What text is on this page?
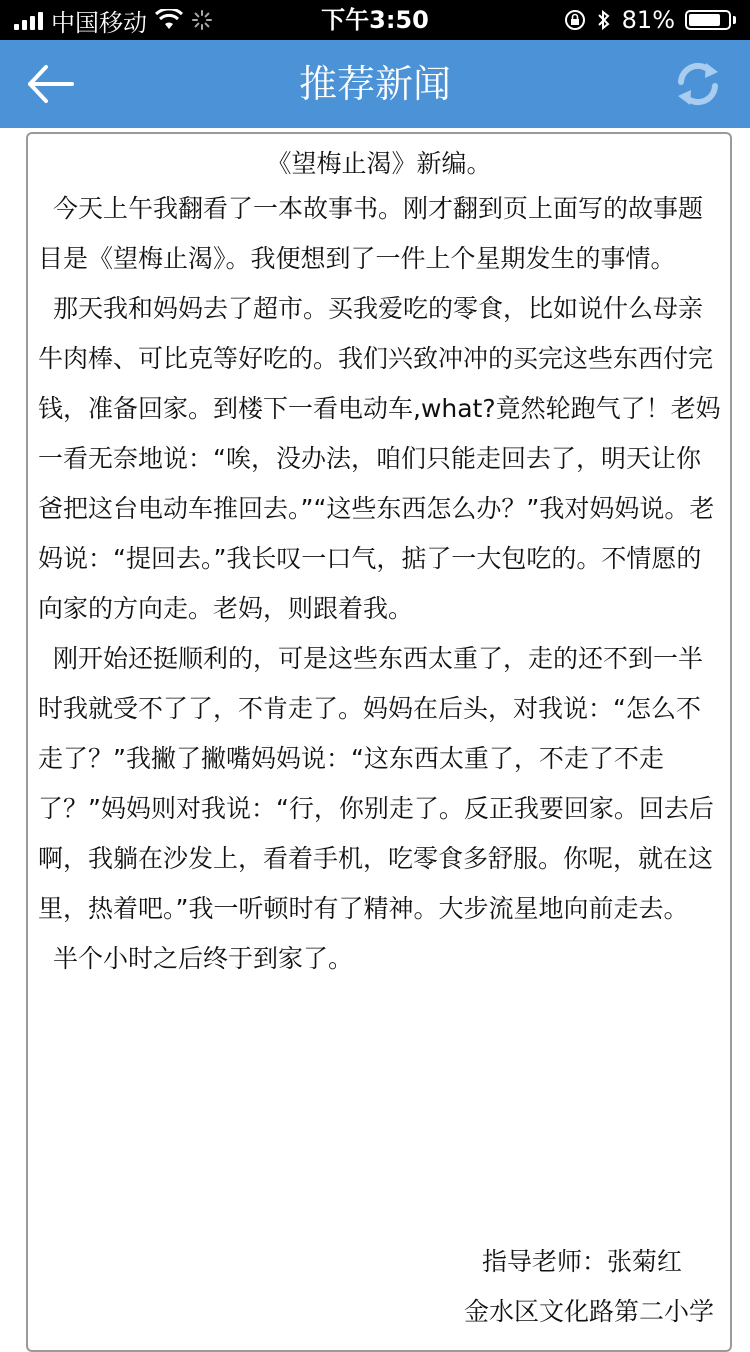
中国移动	下午3:50	81%
推荐新闻
《望梅止渴》新编。

今天上午我翻看了一本故事书。刚才翻到页上面写的故事题目是《望梅止渴》。我便想到了一件上个星期发生的事情。

那天我和妈妈去了超市。买我爱吃的零食，比如说什么母亲牛肉棒、可比克等好吃的。我们兴致冲冲的买完这些东西付完钱，准备回家。到楼下一看电动车,what?竟然轮跑气了！老妈一看无奈地说：“唉，没办法，咱们只能走回去了，明天让你爸把这台电动车推回去。”“这些东西怎么办？”我对妈妈说。老妈说：“提回去。”我长叹一口气，掂了一大包吃的。不情愿的向家的方向走。老妈，则跟着我。

刚开始还挺顺利的，可是这些东西太重了，走的还不到一半时我就受不了了，不肯走了。妈妈在后头，对我说：“怎么不走了？”我撇了撇嘴妈妈说：“这东西太重了，不走了不走了？”妈妈则对我说：“行，你别走了。反正我要回家。回去后啊，我躺在沙发上，看着手机，吃零食多舒服。你呢，就在这里，热着吧。”我一听顿时有了精神。大步流星地向前走去。

半个小时之后终于到家了。

指导老师：张菊红
金水区文化路第二小学
